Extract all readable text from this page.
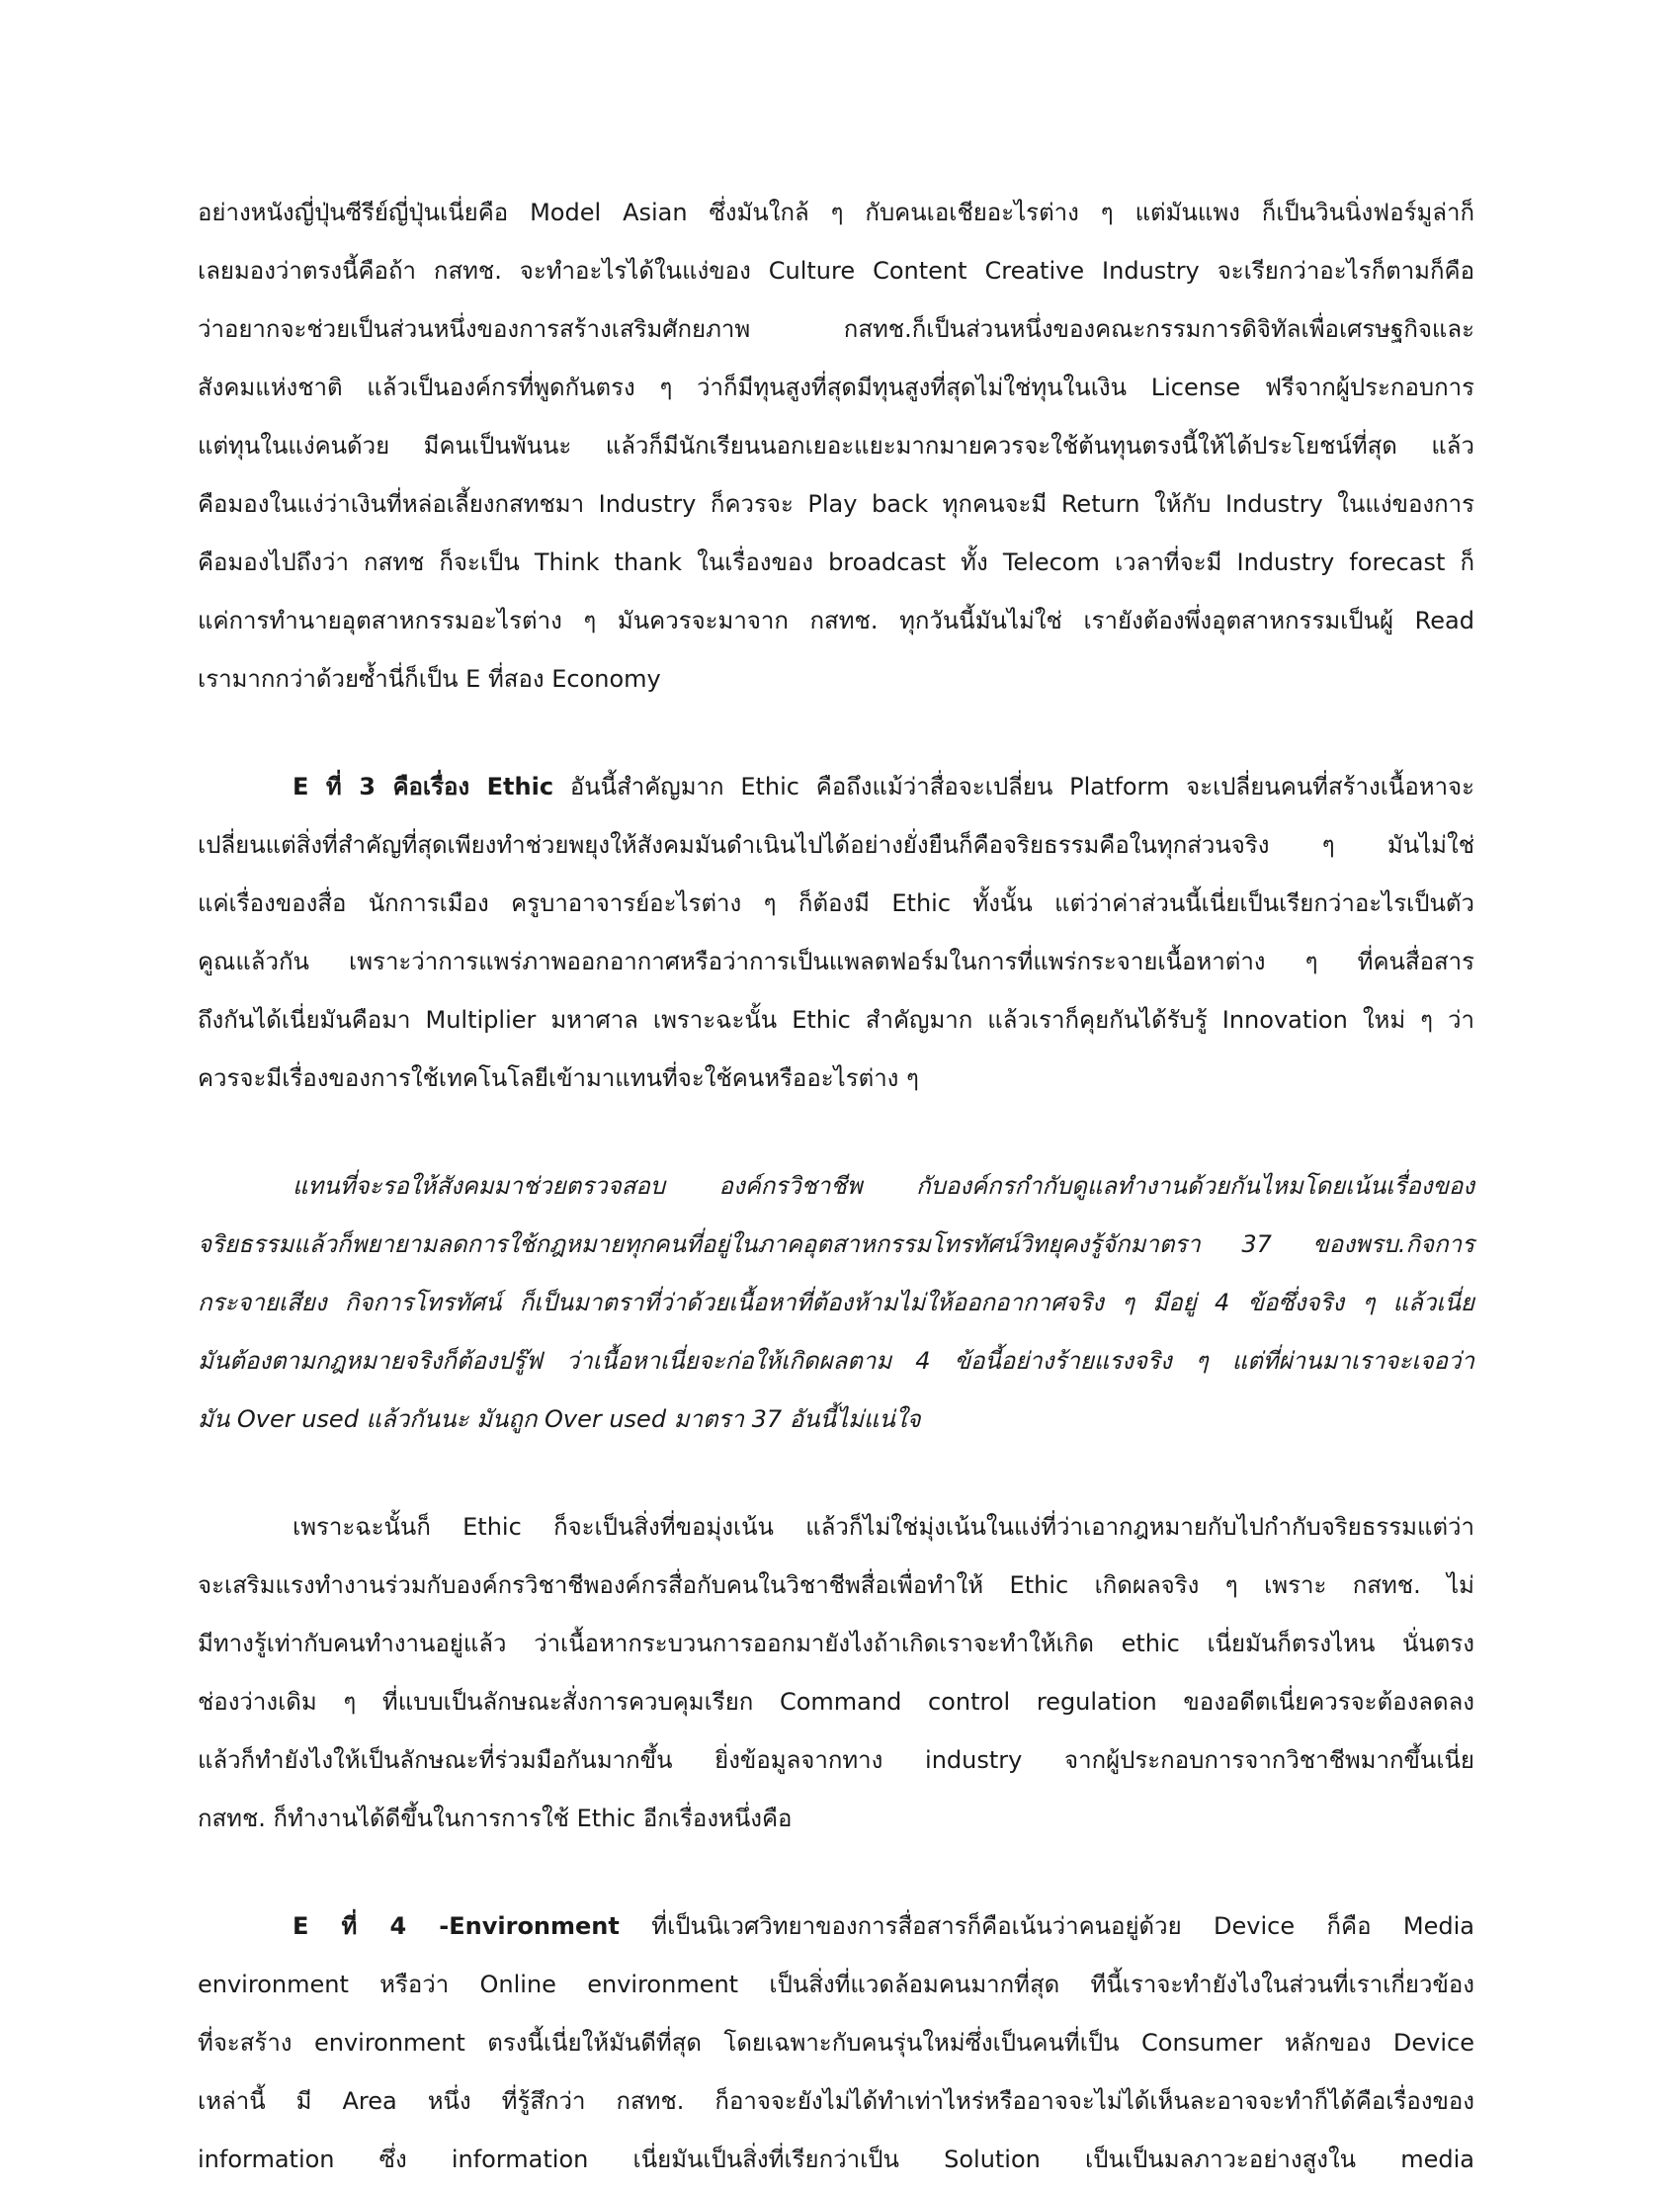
อย่างหนังญี่ปุ่นซีรีย์ญี่ปุ่นเนี่ยคือ Model Asian ซึ่งมันใกล้ ๆ กับคนเอเชียอะไรต่าง ๆ แต่มันแพง ก็เป็นวินนิ่งฟอร์มูล่าก็
เลยมองว่าตรงนี้คือถ้า กสทช. จะทำอะไรได้ในแง่ของ Culture Content Creative Industry จะเรียกว่าอะไรก็ตามก็คือ
ว่าอยากจะช่วยเป็นส่วนหนึ่งของการสร้างเสริมศักยภาพ กสทช.ก็เป็นส่วนหนึ่งของคณะกรรมการดิจิทัลเพื่อเศรษฐกิจและ
สังคมแห่งชาติ แล้วเป็นองค์กรที่พูดกันตรง ๆ ว่าก็มีทุนสูงที่สุดมีทุนสูงที่สุดไม่ใช่ทุนในเงิน License ฟรีจากผู้ประกอบการ
แต่ทุนในแง่คนด้วย มีคนเป็นพันนะ แล้วก็มีนักเรียนนอกเยอะแยะมากมายควรจะใช้ต้นทุนตรงนี้ให้ได้ประโยชน์ที่สุด แล้ว
คือมองในแง่ว่าเงินที่หล่อเลี้ยงกสทชมา Industry ก็ควรจะ Play back ทุกคนจะมี Return ให้กับ Industry ในแง่ของการ
คือมองไปถึงว่า กสทช ก็จะเป็น Think thank ในเรื่องของ broadcast ทั้ง Telecom เวลาที่จะมี Industry forecast ก็
แค่การทำนายอุตสาหกรรมอะไรต่าง ๆ มันควรจะมาจาก กสทช. ทุกวันนี้มันไม่ใช่ เรายังต้องพึ่งอุตสาหกรรมเป็นผู้ Read
เรามากกว่าด้วยซ้ำนี่ก็เป็น E ที่สอง Economy

E ที่ 3 คือเรื่อง Ethic อันนี้สำคัญมาก Ethic คือถึงแม้ว่าสื่อจะเปลี่ยน Platform จะเปลี่ยนคนที่สร้างเนื้อหาจะ
เปลี่ยนแต่สิ่งที่สำคัญที่สุดเพียงทำช่วยพยุงให้สังคมมันดำเนินไปได้อย่างยั่งยืนก็คือจริยธรรมคือในทุกส่วนจริง ๆ มันไม่ใช่
แค่เรื่องของสื่อ นักการเมือง ครูบาอาจารย์อะไรต่าง ๆ ก็ต้องมี Ethic ทั้งนั้น แต่ว่าค่าส่วนนี้เนี่ยเป็นเรียกว่าอะไรเป็นตัว
คูณแล้วกัน เพราะว่าการแพร่ภาพออกอากาศหรือว่าการเป็นแพลตฟอร์มในการที่แพร่กระจายเนื้อหาต่าง ๆ ที่คนสื่อสาร
ถึงกันได้เนี่ยมันคือมา Multiplier มหาศาล เพราะฉะนั้น Ethic สำคัญมาก แล้วเราก็คุยกันได้รับรู้ Innovation ใหม่ ๆ ว่า
ควรจะมีเรื่องของการใช้เทคโนโลยีเข้ามาแทนที่จะใช้คนหรืออะไรต่าง ๆ

แทนที่จะรอให้สังคมมาช่วยตรวจสอบ องค์กรวิชาชีพ กับองค์กรกำกับดูแลทำงานด้วยกันไหมโดยเน้นเรื่องของ
จริยธรรมแล้วก็พยายามลดการใช้กฎหมายทุกคนที่อยู่ในภาคอุตสาหกรรมโทรทัศน์วิทยุคงรู้จักมาตรา 37 ของพรบ.กิจการ
กระจายเสียง กิจการโทรทัศน์ ก็เป็นมาตราที่ว่าด้วยเนื้อหาที่ต้องห้ามไม่ให้ออกอากาศจริง ๆ มีอยู่ 4 ข้อซึ่งจริง ๆ แล้วเนี่ย
มันต้องตามกฎหมายจริงก็ต้องปรู๊ฟ ว่าเนื้อหาเนี่ยจะก่อให้เกิดผลตาม 4 ข้อนี้อย่างร้ายแรงจริง ๆ แต่ที่ผ่านมาเราจะเจอว่า
มัน Over used แล้วกันนะ มันถูก Over used มาตรา 37 อันนี้ไม่แน่ใจ

เพราะฉะนั้นก็ Ethic ก็จะเป็นสิ่งที่ขอมุ่งเน้น แล้วก็ไม่ใช่มุ่งเน้นในแง่ที่ว่าเอากฎหมายกับไปกำกับจริยธรรมแต่ว่า
จะเสริมแรงทำงานร่วมกับองค์กรวิชาชีพองค์กรสื่อกับคนในวิชาชีพสื่อเพื่อทำให้ Ethic เกิดผลจริง ๆ เพราะ กสทช. ไม่
มีทางรู้เท่ากับคนทำงานอยู่แล้ว ว่าเนื้อหากระบวนการออกมายังไงถ้าเกิดเราจะทำให้เกิด ethic เนี่ยมันก็ตรงไหน นั่นตรง
ช่องว่างเดิม ๆ ที่แบบเป็นลักษณะสั่งการควบคุมเรียก Command control regulation ของอดีตเนี่ยควรจะต้องลดลง
แล้วก็ทำยังไงให้เป็นลักษณะที่ร่วมมือกันมากขึ้น ยิ่งข้อมูลจากทาง industry จากผู้ประกอบการจากวิชาชีพมากขึ้นเนี่ย
กสทช. ก็ทำงานได้ดีขึ้นในการการใช้ Ethic อีกเรื่องหนึ่งคือ

E ที่ 4 -Environment ที่เป็นนิเวศวิทยาของการสื่อสารก็คือเน้นว่าคนอยู่ด้วย Device ก็คือ Media
environment หรือว่า Online environment เป็นสิ่งที่แวดล้อมคนมากที่สุด ทีนี้เราจะทำยังไงในส่วนที่เราเกี่ยวข้อง
ที่จะสร้าง environment ตรงนี้เนี่ยให้มันดีที่สุด โดยเฉพาะกับคนรุ่นใหม่ซึ่งเป็นคนที่เป็น Consumer หลักของ Device
เหล่านี้ มี Area หนึ่ง ที่รู้สึกว่า กสทช. ก็อาจจะยังไม่ได้ทำเท่าไหร่หรืออาจจะไม่ได้เห็นละอาจจะทำก็ได้คือเรื่องของ
information ซึ่ง information เนี่ยมันเป็นสิ่งที่เรียกว่าเป็น Solution เป็นเป็นมลภาวะอย่างสูงใน media
